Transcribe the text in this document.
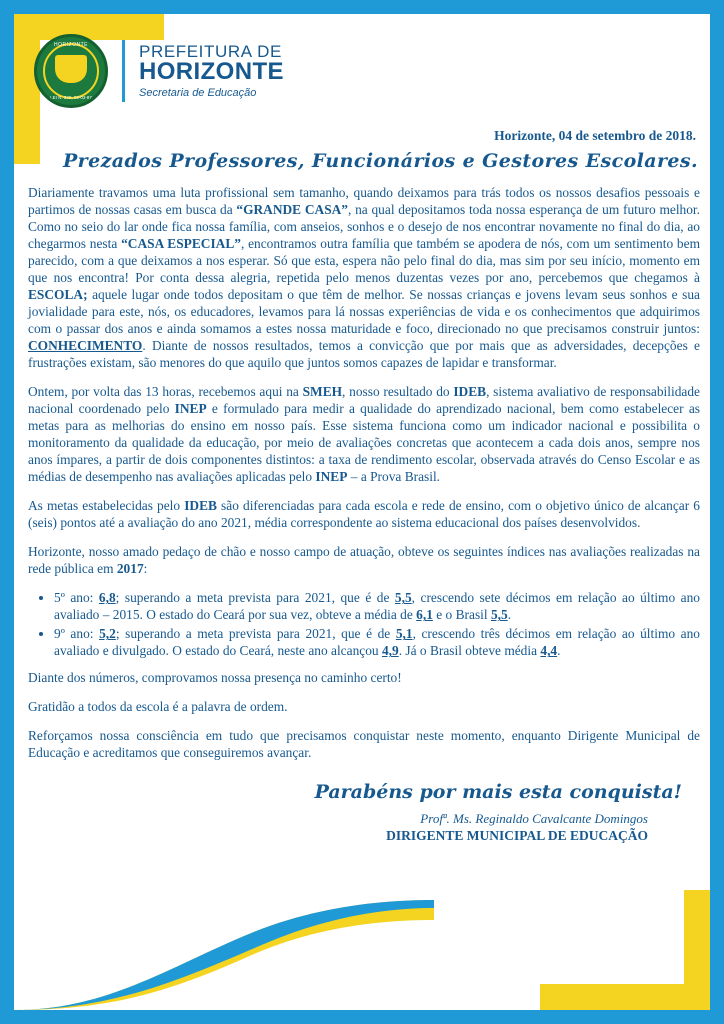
HORIZONTE
LEI N. 340, 06-03-87
PREFEITURA DE
HORIZONTE
Secretaria de Educação
Horizonte, 04 de setembro de 2018.
Prezados Professores, Funcionários e Gestores Escolares.

Diariamente travamos uma luta profissional sem tamanho, quando deixamos para trás todos os nossos desafios pessoais e partimos de nossas casas em busca da “GRANDE CASA”, na qual depositamos toda nossa esperança de um futuro melhor. Como no seio do lar onde fica nossa família, com anseios, sonhos e o desejo de nos encontrar novamente no final do dia, ao chegarmos nesta “CASA ESPECIAL”, encontramos outra família que também se apodera de nós, com um sentimento bem parecido, com a que deixamos a nos esperar. Só que esta, espera não pelo final do dia, mas sim por seu início, momento em que nos encontra! Por conta dessa alegria, repetida pelo menos duzentas vezes por ano, percebemos que chegamos à ESCOLA; aquele lugar onde todos depositam o que têm de melhor. Se nossas crianças e jovens levam seus sonhos e sua jovialidade para este, nós, os educadores, levamos para lá nossas experiências de vida e os conhecimentos que adquirimos com o passar dos anos e ainda somamos a estes nossa maturidade e foco, direcionado no que precisamos construir juntos: CONHECIMENTO. Diante de nossos resultados, temos a convicção que por mais que as adversidades, decepções e frustrações existam, são menores do que aquilo que juntos somos capazes de lapidar e transformar.

Ontem, por volta das 13 horas, recebemos aqui na SMEH, nosso resultado do IDEB, sistema avaliativo de responsabilidade nacional coordenado pelo INEP e formulado para medir a qualidade do aprendizado nacional, bem como estabelecer as metas para as melhorias do ensino em nosso país. Esse sistema funciona como um indicador nacional e possibilita o monitoramento da qualidade da educação, por meio de avaliações concretas que acontecem a cada dois anos, sempre nos anos ímpares, a partir de dois componentes distintos: a taxa de rendimento escolar, observada através do Censo Escolar e as médias de desempenho nas avaliações aplicadas pelo INEP – a Prova Brasil.

As metas estabelecidas pelo IDEB são diferenciadas para cada escola e rede de ensino, com o objetivo único de alcançar 6 (seis) pontos até a avaliação do ano 2021, média correspondente ao sistema educacional dos países desenvolvidos.

Horizonte, nosso amado pedaço de chão e nosso campo de atuação, obteve os seguintes índices nas avaliações realizadas na rede pública em 2017:

• 5º ano: 6,8; superando a meta prevista para 2021, que é de 5,5, crescendo sete décimos em relação ao último ano avaliado – 2015. O estado do Ceará por sua vez, obteve a média de 6,1 e o Brasil 5,5.
• 9º ano: 5,2; superando a meta prevista para 2021, que é de 5,1, crescendo três décimos em relação ao último ano avaliado e divulgado. O estado do Ceará, neste ano alcançou 4,9. Já o Brasil obteve média 4,4.

Diante dos números, comprovamos nossa presença no caminho certo!

Gratidão a todos da escola é a palavra de ordem.

Reforçamos nossa consciência em tudo que precisamos conquistar neste momento, enquanto Dirigente Municipal de Educação e acreditamos que conseguiremos avançar.

Parabéns por mais esta conquista!
Profª. Ms. Reginaldo Cavalcante Domingos
DIRIGENTE MUNICIPAL DE EDUCAÇÃO
